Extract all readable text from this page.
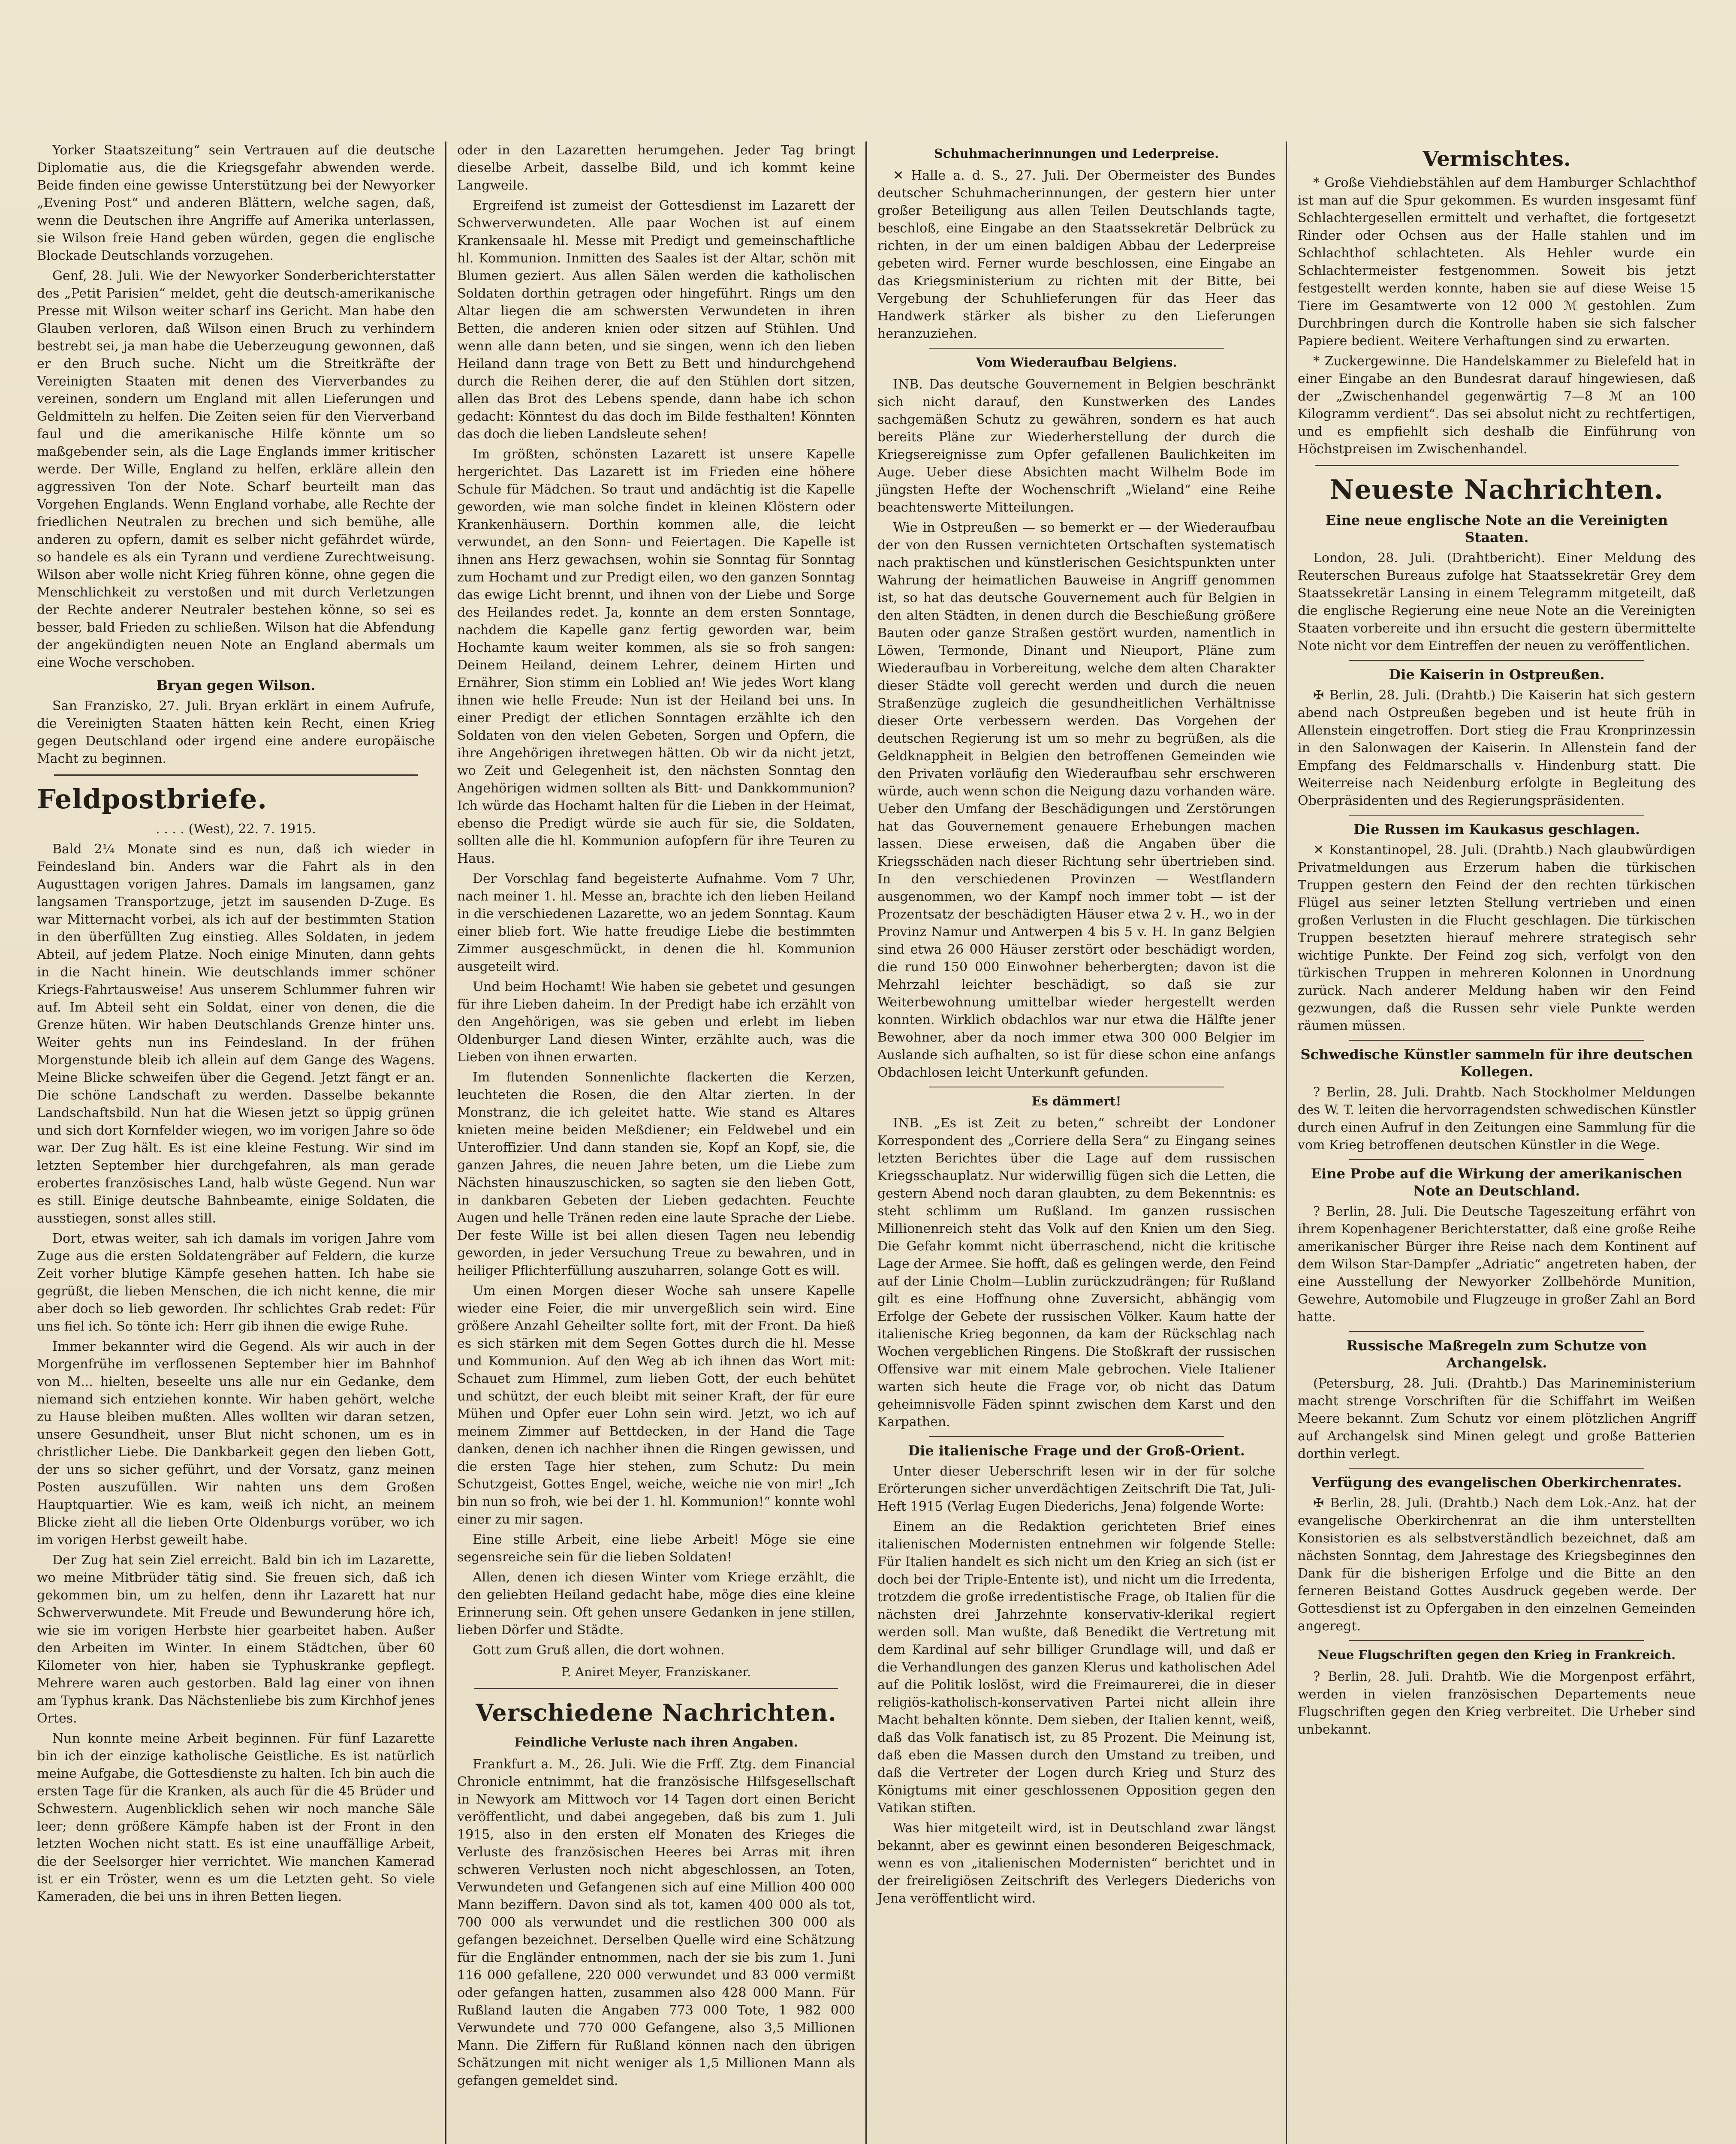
Yorker Staatszeitung“ sein Vertrauen auf die deutsche Diplomatie aus, die die Kriegsgefahr abwenden werde. Beide finden eine gewisse Unterstützung bei der Newyorker „Evening Post“ und anderen Blättern, welche sagen, daß, wenn die Deutschen ihre Angriffe auf Amerika unterlassen, sie Wilson freie Hand geben würden, gegen die englische Blockade Deutschlands vorzugehen.

Genf, 28. Juli. Wie der Newyorker Sonderberichterstatter des „Petit Parisien“ meldet, geht die deutsch-amerikanische Presse mit Wilson weiter scharf ins Gericht. Man habe den Glauben verloren, daß Wilson einen Bruch zu verhindern bestrebt sei, ja man habe die Ueberzeugung gewonnen, daß er den Bruch suche. Nicht um die Streitkräfte der Vereinigten Staaten mit denen des Vierverbandes zu vereinen, sondern um England mit allen Lieferungen und Geldmitteln zu helfen. Die Zeiten seien für den Vierverband faul und die amerikanische Hilfe könnte um so maßgebender sein, als die Lage Englands immer kritischer werde. Der Wille, England zu helfen, erkläre allein den aggressiven Ton der Note. Scharf beurteilt man das Vorgehen Englands. Wenn England vorhabe, alle Rechte der friedlichen Neutralen zu brechen und sich bemühe, alle anderen zu opfern, damit es selber nicht gefährdet würde, so handele es als ein Tyrann und verdiene Zurechtweisung. Wilson aber wolle nicht Krieg führen könne, ohne gegen die Menschlichkeit zu verstoßen und mit durch Verletzungen der Rechte anderer Neutraler bestehen könne, so sei es besser, bald Frieden zu schließen. Wilson hat die Abfendung der angekündigten neuen Note an England abermals um eine Woche verschoben.

Bryan gegen Wilson.

San Franzisko, 27. Juli. Bryan erklärt in einem Aufrufe, die Vereinigten Staaten hätten kein Recht, einen Krieg gegen Deutschland oder irgend eine andere europäische Macht zu beginnen.

Feldpostbriefe.
. . . . (West), 22. 7. 1915.

Bald 2¼ Monate sind es nun, daß ich wieder in Feindesland bin. Anders war die Fahrt als in den Augusttagen vorigen Jahres. Damals im langsamen, ganz langsamen Transportzuge, jetzt im sausenden D-Zuge. Es war Mitternacht vorbei, als ich auf der bestimmten Station in den überfüllten Zug einstieg. Alles Soldaten, in jedem Abteil, auf jedem Platze. Noch einige Minuten, dann gehts in die Nacht hinein. Wie deutschlands immer schöner Kriegs-Fahrtausweise! Aus unserem Schlummer fuhren wir auf. Im Abteil seht ein Soldat, einer von denen, die die Grenze hüten. Wir haben Deutschlands Grenze hinter uns. Weiter gehts nun ins Feindesland. In der frühen Morgenstunde bleib ich allein auf dem Gange des Wagens. Meine Blicke schweifen über die Gegend. Jetzt fängt er an. Die schöne Landschaft zu werden. Dasselbe bekannte Landschaftsbild. Nun hat die Wiesen jetzt so üppig grünen und sich dort Kornfelder wiegen, wo im vorigen Jahre so öde war. Der Zug hält. Es ist eine kleine Festung. Wir sind im letzten September hier durchgefahren, als man gerade erobertes französisches Land, halb wüste Gegend. Nun war es still. Einige deutsche Bahnbeamte, einige Soldaten, die ausstiegen, sonst alles still.

Dort, etwas weiter, sah ich damals im vorigen Jahre vom Zuge aus die ersten Soldatengräber auf Feldern, die kurze Zeit vorher blutige Kämpfe gesehen hatten. Ich habe sie gegrüßt, die lieben Menschen, die ich nicht kenne, die mir aber doch so lieb geworden. Ihr schlichtes Grab redet: Für uns fiel ich. So tönte ich: Herr gib ihnen die ewige Ruhe.

Immer bekannter wird die Gegend. Als wir auch in der Morgenfrühe im verflossenen September hier im Bahnhof von M... hielten, beseelte uns alle nur ein Gedanke, dem niemand sich entziehen konnte. Wir haben gehört, welche zu Hause bleiben mußten. Alles wollten wir daran setzen, unsere Gesundheit, unser Blut nicht schonen, um es in christlicher Liebe. Die Dankbarkeit gegen den lieben Gott, der uns so sicher geführt, und der Vorsatz, ganz meinen Posten auszufüllen. Wir nahten uns dem Großen Hauptquartier. Wie es kam, weiß ich nicht, an meinem Blicke zieht all die lieben Orte Oldenburgs vorüber, wo ich im vorigen Herbst geweilt habe.

Der Zug hat sein Ziel erreicht. Bald bin ich im Lazarette, wo meine Mitbrüder tätig sind. Sie freuen sich, daß ich gekommen bin, um zu helfen, denn ihr Lazarett hat nur Schwerverwundete. Mit Freude und Bewunderung höre ich, wie sie im vorigen Herbste hier gearbeitet haben. Außer den Arbeiten im Winter. In einem Städtchen, über 60 Kilometer von hier, haben sie Typhuskranke gepflegt. Mehrere waren auch gestorben. Bald lag einer von ihnen am Typhus krank. Das Nächstenliebe bis zum Kirchhof jenes Ortes.

Nun konnte meine Arbeit beginnen. Für fünf Lazarette bin ich der einzige katholische Geistliche. Es ist natürlich meine Aufgabe, die Gottesdienste zu halten. Ich bin auch die ersten Tage für die Kranken, als auch für die 45 Brüder und Schwestern. Augenblicklich sehen wir noch manche Säle leer; denn größere Kämpfe haben ist der Front in den letzten Wochen nicht statt. Es ist eine unauffällige Arbeit, die der Seelsorger hier verrichtet. Wie manchen Kamerad ist er ein Tröster, wenn es um die Letzten geht. So viele Kameraden, die bei uns in ihren Betten liegen.

oder in den Lazaretten herumgehen. Jeder Tag bringt dieselbe Arbeit, dasselbe Bild, und ich kommt keine Langweile.

Ergreifend ist zumeist der Gottesdienst im Lazarett der Schwerverwundeten. Alle paar Wochen ist auf einem Krankensaale hl. Messe mit Predigt und gemeinschaftliche hl. Kommunion. Inmitten des Saales ist der Altar, schön mit Blumen geziert. Aus allen Sälen werden die katholischen Soldaten dorthin getragen oder hingeführt. Rings um den Altar liegen die am schwersten Verwundeten in ihren Betten, die anderen knien oder sitzen auf Stühlen. Und wenn alle dann beten, und sie singen, wenn ich den lieben Heiland dann trage von Bett zu Bett und hindurchgehend durch die Reihen derer, die auf den Stühlen dort sitzen, allen das Brot des Lebens spende, dann habe ich schon gedacht: Könntest du das doch im Bilde festhalten! Könnten das doch die lieben Landsleute sehen!

Im größten, schönsten Lazarett ist unsere Kapelle hergerichtet. Das Lazarett ist im Frieden eine höhere Schule für Mädchen. So traut und andächtig ist die Kapelle geworden, wie man solche findet in kleinen Klöstern oder Krankenhäusern. Dorthin kommen alle, die leicht verwundet, an den Sonn- und Feiertagen. Die Kapelle ist ihnen ans Herz gewachsen, wohin sie Sonntag für Sonntag zum Hochamt und zur Predigt eilen, wo den ganzen Sonntag das ewige Licht brennt, und ihnen von der Liebe und Sorge des Heilandes redet. Ja, konnte an dem ersten Sonntage, nachdem die Kapelle ganz fertig geworden war, beim Hochamte kaum weiter kommen, als sie so froh sangen: Deinem Heiland, deinem Lehrer, deinem Hirten und Ernährer, Sion stimm ein Loblied an! Wie jedes Wort klang ihnen wie helle Freude: Nun ist der Heiland bei uns. In einer Predigt der etlichen Sonntagen erzählte ich den Soldaten von den vielen Gebeten, Sorgen und Opfern, die ihre Angehörigen ihretwegen hätten. Ob wir da nicht jetzt, wo Zeit und Gelegenheit ist, den nächsten Sonntag den Angehörigen widmen sollten als Bitt- und Dankkommunion? Ich würde das Hochamt halten für die Lieben in der Heimat, ebenso die Predigt würde sie auch für sie, die Soldaten, sollten alle die hl. Kommunion aufopfern für ihre Teuren zu Haus.

Der Vorschlag fand begeisterte Aufnahme. Vom 7 Uhr, nach meiner 1. hl. Messe an, brachte ich den lieben Heiland in die verschiedenen Lazarette, wo an jedem Sonntag. Kaum einer blieb fort. Wie hatte freudige Liebe die bestimmten Zimmer ausgeschmückt, in denen die hl. Kommunion ausgeteilt wird.

Und beim Hochamt! Wie haben sie gebetet und gesungen für ihre Lieben daheim. In der Predigt habe ich erzählt von den Angehörigen, was sie geben und erlebt im lieben Oldenburger Land diesen Winter, erzählte auch, was die Lieben von ihnen erwarten.

Im flutenden Sonnenlichte flackerten die Kerzen, leuchteten die Rosen, die den Altar zierten. In der Monstranz, die ich geleitet hatte. Wie stand es Altares knieten meine beiden Meßdiener; ein Feldwebel und ein Unteroffizier. Und dann standen sie, Kopf an Kopf, sie, die ganzen Jahres, die neuen Jahre beten, um die Liebe zum Nächsten hinauszuschicken, so sagten sie den lieben Gott, in dankbaren Gebeten der Lieben gedachten. Feuchte Augen und helle Tränen reden eine laute Sprache der Liebe. Der feste Wille ist bei allen diesen Tagen neu lebendig geworden, in jeder Versuchung Treue zu bewahren, und in heiliger Pflichterfüllung auszuharren, solange Gott es will.

Um einen Morgen dieser Woche sah unsere Kapelle wieder eine Feier, die mir unvergeßlich sein wird. Eine größere Anzahl Geheilter sollte fort, mit der Front. Da hieß es sich stärken mit dem Segen Gottes durch die hl. Messe und Kommunion. Auf den Weg ab ich ihnen das Wort mit: Schauet zum Himmel, zum lieben Gott, der euch behütet und schützt, der euch bleibt mit seiner Kraft, der für eure Mühen und Opfer euer Lohn sein wird. Jetzt, wo ich auf meinem Zimmer auf Bettdecken, in der Hand die Tage danken, denen ich nachher ihnen die Ringen gewissen, und die ersten Tage hier stehen, zum Schutz: Du mein Schutzgeist, Gottes Engel, weiche, weiche nie von mir! „Ich bin nun so froh, wie bei der 1. hl. Kommunion!“ konnte wohl einer zu mir sagen.

Eine stille Arbeit, eine liebe Arbeit! Möge sie eine segensreiche sein für die lieben Soldaten!

Allen, denen ich diesen Winter vom Kriege erzählt, die den geliebten Heiland gedacht habe, möge dies eine kleine Erinnerung sein. Oft gehen unsere Gedanken in jene stillen, lieben Dörfer und Städte.

Gott zum Gruß allen, die dort wohnen.

P. Aniret Meyer, Franziskaner.
Verschiedene Nachrichten.
Feindliche Verluste nach ihren Angaben.

Frankfurt a. M., 26. Juli. Wie die Frff. Ztg. dem Financial Chronicle entnimmt, hat die französische Hilfsgesellschaft in Newyork am Mittwoch vor 14 Tagen dort einen Bericht veröffentlicht, und dabei angegeben, daß bis zum 1. Juli 1915, also in den ersten elf Monaten des Krieges die Verluste des französischen Heeres bei Arras mit ihren schweren Verlusten noch nicht abgeschlossen, an Toten, Verwundeten und Gefangenen sich auf eine Million 400 000 Mann beziffern. Davon sind als tot, kamen 400 000 als tot, 700 000 als verwundet und die restlichen 300 000 als gefangen bezeichnet. Derselben Quelle wird eine Schätzung für die Engländer entnommen, nach der sie bis zum 1. Juni 116 000 gefallene, 220 000 verwundet und 83 000 vermißt oder gefangen hatten, zusammen also 428 000 Mann. Für Rußland lauten die Angaben 773 000 Tote, 1 982 000 Verwundete und 770 000 Gefangene, also 3,5 Millionen Mann. Die Ziffern für Rußland können nach den übrigen Schätzungen mit nicht weniger als 1,5 Millionen Mann als gefangen gemeldet sind.

Schuhmacherinnungen und Lederpreise.

✕ Halle a. d. S., 27. Juli. Der Obermeister des Bundes deutscher Schuhmacherinnungen, der gestern hier unter großer Beteiligung aus allen Teilen Deutschlands tagte, beschloß, eine Eingabe an den Staatssekretär Delbrück zu richten, in der um einen baldigen Abbau der Lederpreise gebeten wird. Ferner wurde beschlossen, eine Eingabe an das Kriegsministerium zu richten mit der Bitte, bei Vergebung der Schuhlieferungen für das Heer das Handwerk stärker als bisher zu den Lieferungen heranzuziehen.

Vom Wiederaufbau Belgiens.

INB. Das deutsche Gouvernement in Belgien beschränkt sich nicht darauf, den Kunstwerken des Landes sachgemäßen Schutz zu gewähren, sondern es hat auch bereits Pläne zur Wiederherstellung der durch die Kriegsereignisse zum Opfer gefallenen Baulichkeiten im Auge. Ueber diese Absichten macht Wilhelm Bode im jüngsten Hefte der Wochenschrift „Wieland“ eine Reihe beachtenswerte Mitteilungen.

Wie in Ostpreußen — so bemerkt er — der Wiederaufbau der von den Russen vernichteten Ortschaften systematisch nach praktischen und künstlerischen Gesichtspunkten unter Wahrung der heimatlichen Bauweise in Angriff genommen ist, so hat das deutsche Gouvernement auch für Belgien in den alten Städten, in denen durch die Beschießung größere Bauten oder ganze Straßen gestört wurden, namentlich in Löwen, Termonde, Dinant und Nieuport, Pläne zum Wiederaufbau in Vorbereitung, welche dem alten Charakter dieser Städte voll gerecht werden und durch die neuen Straßenzüge zugleich die gesundheitlichen Verhältnisse dieser Orte verbessern werden. Das Vorgehen der deutschen Regierung ist um so mehr zu begrüßen, als die Geldknappheit in Belgien den betroffenen Gemeinden wie den Privaten vorläufig den Wiederaufbau sehr erschweren würde, auch wenn schon die Neigung dazu vorhanden wäre. Ueber den Umfang der Beschädigungen und Zerstörungen hat das Gouvernement genauere Erhebungen machen lassen. Diese erweisen, daß die Angaben über die Kriegsschäden nach dieser Richtung sehr übertrieben sind. In den verschiedenen Provinzen — Westflandern ausgenommen, wo der Kampf noch immer tobt — ist der Prozentsatz der beschädigten Häuser etwa 2 v. H., wo in der Provinz Namur und Antwerpen 4 bis 5 v. H. In ganz Belgien sind etwa 26 000 Häuser zerstört oder beschädigt worden, die rund 150 000 Einwohner beherbergten; davon ist die Mehrzahl leichter beschädigt, so daß sie zur Weiterbewohnung umittelbar wieder hergestellt werden konnten. Wirklich obdachlos war nur etwa die Hälfte jener Bewohner, aber da noch immer etwa 300 000 Belgier im Auslande sich aufhalten, so ist für diese schon eine anfangs Obdachlosen leicht Unterkunft gefunden.

Es dämmert!

INB. „Es ist Zeit zu beten,“ schreibt der Londoner Korrespondent des „Corriere della Sera“ zu Eingang seines letzten Berichtes über die Lage auf dem russischen Kriegsschauplatz. Nur widerwillig fügen sich die Letten, die gestern Abend noch daran glaubten, zu dem Bekenntnis: es steht schlimm um Rußland. Im ganzen russischen Millionenreich steht das Volk auf den Knien um den Sieg. Die Gefahr kommt nicht überraschend, nicht die kritische Lage der Armee. Sie hofft, daß es gelingen werde, den Feind auf der Linie Cholm—Lublin zurückzudrängen; für Rußland gilt es eine Hoffnung ohne Zuversicht, abhängig vom Erfolge der Gebete der russischen Völker. Kaum hatte der italienische Krieg begonnen, da kam der Rückschlag nach Wochen vergeblichen Ringens. Die Stoßkraft der russischen Offensive war mit einem Male gebrochen. Viele Italiener warten sich heute die Frage vor, ob nicht das Datum geheimnisvolle Fäden spinnt zwischen dem Karst und den Karpathen.

Die italienische Frage und der Groß-Orient.

Unter dieser Ueberschrift lesen wir in der für solche Erörterungen sicher unverdächtigen Zeitschrift Die Tat, Juli-Heft 1915 (Verlag Eugen Diederichs, Jena) folgende Worte:

Einem an die Redaktion gerichteten Brief eines italienischen Modernisten entnehmen wir folgende Stelle: Für Italien handelt es sich nicht um den Krieg an sich (ist er doch bei der Triple-Entente ist), und nicht um die Irredenta, trotzdem die große irredentistische Frage, ob Italien für die nächsten drei Jahrzehnte konservativ-klerikal regiert werden soll. Man wußte, daß Benedikt die Vertretung mit dem Kardinal auf sehr billiger Grundlage will, und daß er die Verhandlungen des ganzen Klerus und katholischen Adel auf die Politik loslöst, wird die Freimaurerei, die in dieser religiös-katholisch-konservativen Partei nicht allein ihre Macht behalten könnte. Dem sieben, der Italien kennt, weiß, daß das Volk fanatisch ist, zu 85 Prozent. Die Meinung ist, daß eben die Massen durch den Umstand zu treiben, und daß die Vertreter der Logen durch Krieg und Sturz des Königtums mit einer geschlossenen Opposition gegen den Vatikan stiften.

Was hier mitgeteilt wird, ist in Deutschland zwar längst bekannt, aber es gewinnt einen besonderen Beigeschmack, wenn es von „italienischen Modernisten“ berichtet und in der freireligiösen Zeitschrift des Verlegers Diederichs von Jena veröffentlicht wird.

Vermischtes.

* Große Viehdiebstählen auf dem Hamburger Schlachthof ist man auf die Spur gekommen. Es wurden insgesamt fünf Schlachtergesellen ermittelt und verhaftet, die fortgesetzt Rinder oder Ochsen aus der Halle stahlen und im Schlachthof schlachteten. Als Hehler wurde ein Schlachtermeister festgenommen. Soweit bis jetzt festgestellt werden konnte, haben sie auf diese Weise 15 Tiere im Gesamtwerte von 12 000 ℳ gestohlen. Zum Durchbringen durch die Kontrolle haben sie sich falscher Papiere bedient. Weitere Verhaftungen sind zu erwarten.

* Zuckergewinne. Die Handelskammer zu Bielefeld hat in einer Eingabe an den Bundesrat darauf hingewiesen, daß der „Zwischenhandel gegenwärtig 7—8 ℳ an 100 Kilogramm verdient“. Das sei absolut nicht zu rechtfertigen, und es empfiehlt sich deshalb die Einführung von Höchstpreisen im Zwischenhandel.

Neueste Nachrichten.
Eine neue englische Note an die Vereinigten Staaten.

London, 28. Juli. (Drahtbericht). Einer Meldung des Reuterschen Bureaus zufolge hat Staatssekretär Grey dem Staatssekretär Lansing in einem Telegramm mitgeteilt, daß die englische Regierung eine neue Note an die Vereinigten Staaten vorbereite und ihn ersucht die gestern übermittelte Note nicht vor dem Eintreffen der neuen zu veröffentlichen.

Die Kaiserin in Ostpreußen.

✠ Berlin, 28. Juli. (Drahtb.) Die Kaiserin hat sich gestern abend nach Ostpreußen begeben und ist heute früh in Allenstein eingetroffen. Dort stieg die Frau Kronprinzessin in den Salonwagen der Kaiserin. In Allenstein fand der Empfang des Feldmarschalls v. Hindenburg statt. Die Weiterreise nach Neidenburg erfolgte in Begleitung des Oberpräsidenten und des Regierungspräsidenten.

Die Russen im Kaukasus geschlagen.

✕ Konstantinopel, 28. Juli. (Drahtb.) Nach glaubwürdigen Privatmeldungen aus Erzerum haben die türkischen Truppen gestern den Feind der den rechten türkischen Flügel aus seiner letzten Stellung vertrieben und einen großen Verlusten in die Flucht geschlagen. Die türkischen Truppen besetzten hierauf mehrere strategisch sehr wichtige Punkte. Der Feind zog sich, verfolgt von den türkischen Truppen in mehreren Kolonnen in Unordnung zurück. Nach anderer Meldung haben wir den Feind gezwungen, daß die Russen sehr viele Punkte werden räumen müssen.

Schwedische Künstler sammeln für ihre deutschen Kollegen.

? Berlin, 28. Juli. Drahtb. Nach Stockholmer Meldungen des W. T. leiten die hervorragendsten schwedischen Künstler durch einen Aufruf in den Zeitungen eine Sammlung für die vom Krieg betroffenen deutschen Künstler in die Wege.

Eine Probe auf die Wirkung der amerikanischen Note an Deutschland.

? Berlin, 28. Juli. Die Deutsche Tageszeitung erfährt von ihrem Kopenhagener Berichterstatter, daß eine große Reihe amerikanischer Bürger ihre Reise nach dem Kontinent auf dem Wilson Star-Dampfer „Adriatic“ angetreten haben, der eine Ausstellung der Newyorker Zollbehörde Munition, Gewehre, Automobile und Flugzeuge in großer Zahl an Bord hatte.

Russische Maßregeln zum Schutze von Archangelsk.

(Petersburg, 28. Juli. (Drahtb.) Das Marineministerium macht strenge Vorschriften für die Schiffahrt im Weißen Meere bekannt. Zum Schutz vor einem plötzlichen Angriff auf Archangelsk sind Minen gelegt und große Batterien dorthin verlegt.

Verfügung des evangelischen Oberkirchenrates.

✠ Berlin, 28. Juli. (Drahtb.) Nach dem Lok.-Anz. hat der evangelische Oberkirchenrat an die ihm unterstellten Konsistorien es als selbstverständlich bezeichnet, daß am nächsten Sonntag, dem Jahrestage des Kriegsbeginnes den Dank für die bisherigen Erfolge und die Bitte an den ferneren Beistand Gottes Ausdruck gegeben werde. Der Gottesdienst ist zu Opfergaben in den einzelnen Gemeinden angeregt.

Neue Flugschriften gegen den Krieg in Frankreich.

? Berlin, 28. Juli. Drahtb. Wie die Morgenpost erfährt, werden in vielen französischen Departements neue Flugschriften gegen den Krieg verbreitet. Die Urheber sind unbekannt.
